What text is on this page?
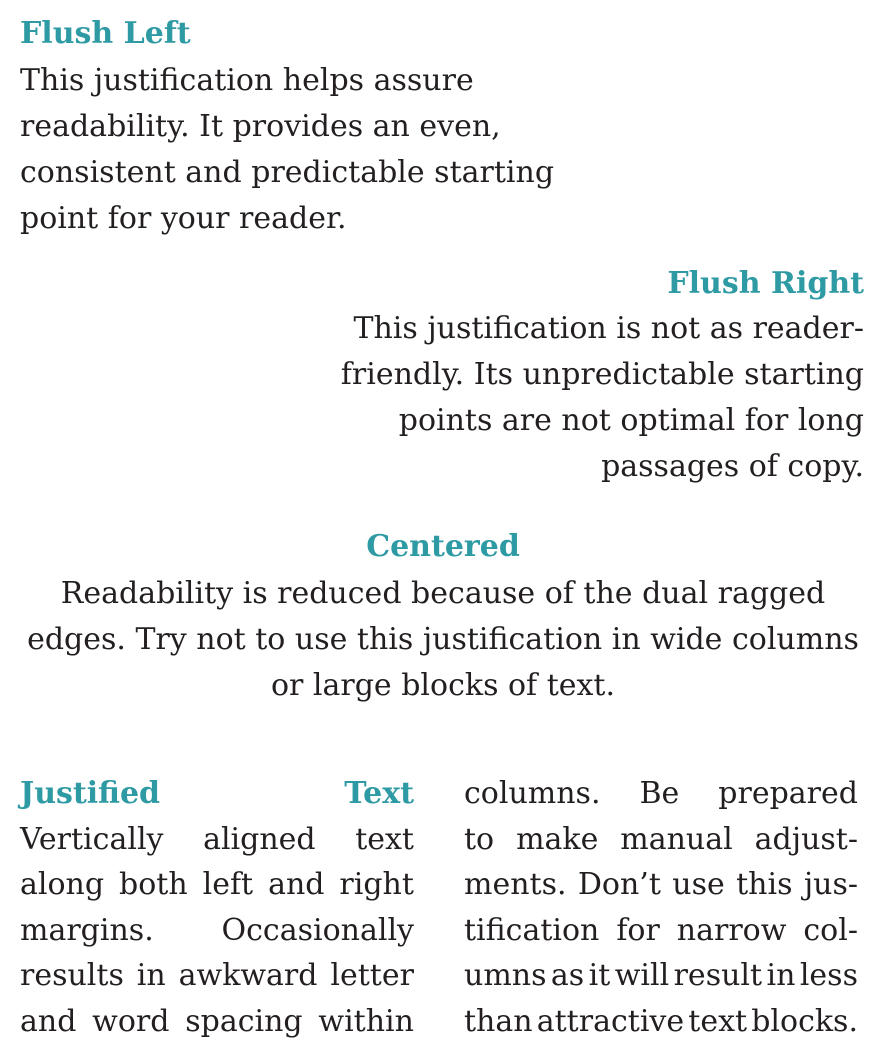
Flush Left

This justification helps assure

readability. It provides an even,

consistent and predictable starting

point for your reader.

Flush Right

This justification is not as reader-

friendly. Its unpredictable starting

points are not optimal for long

passages of copy.

Centered

Readability is reduced because of the dual ragged

edges. Try not to use this justification in wide columns

or large blocks of text.

Justified	Text
Vertically aligned text
along both left and right
margins. Occasionally
results in awkward letter
and word spacing within
columns. Be prepared
to make manual adjust-
ments. Don’t use this jus-
tification for narrow col-
umns as it will result in less
than attractive text blocks.
